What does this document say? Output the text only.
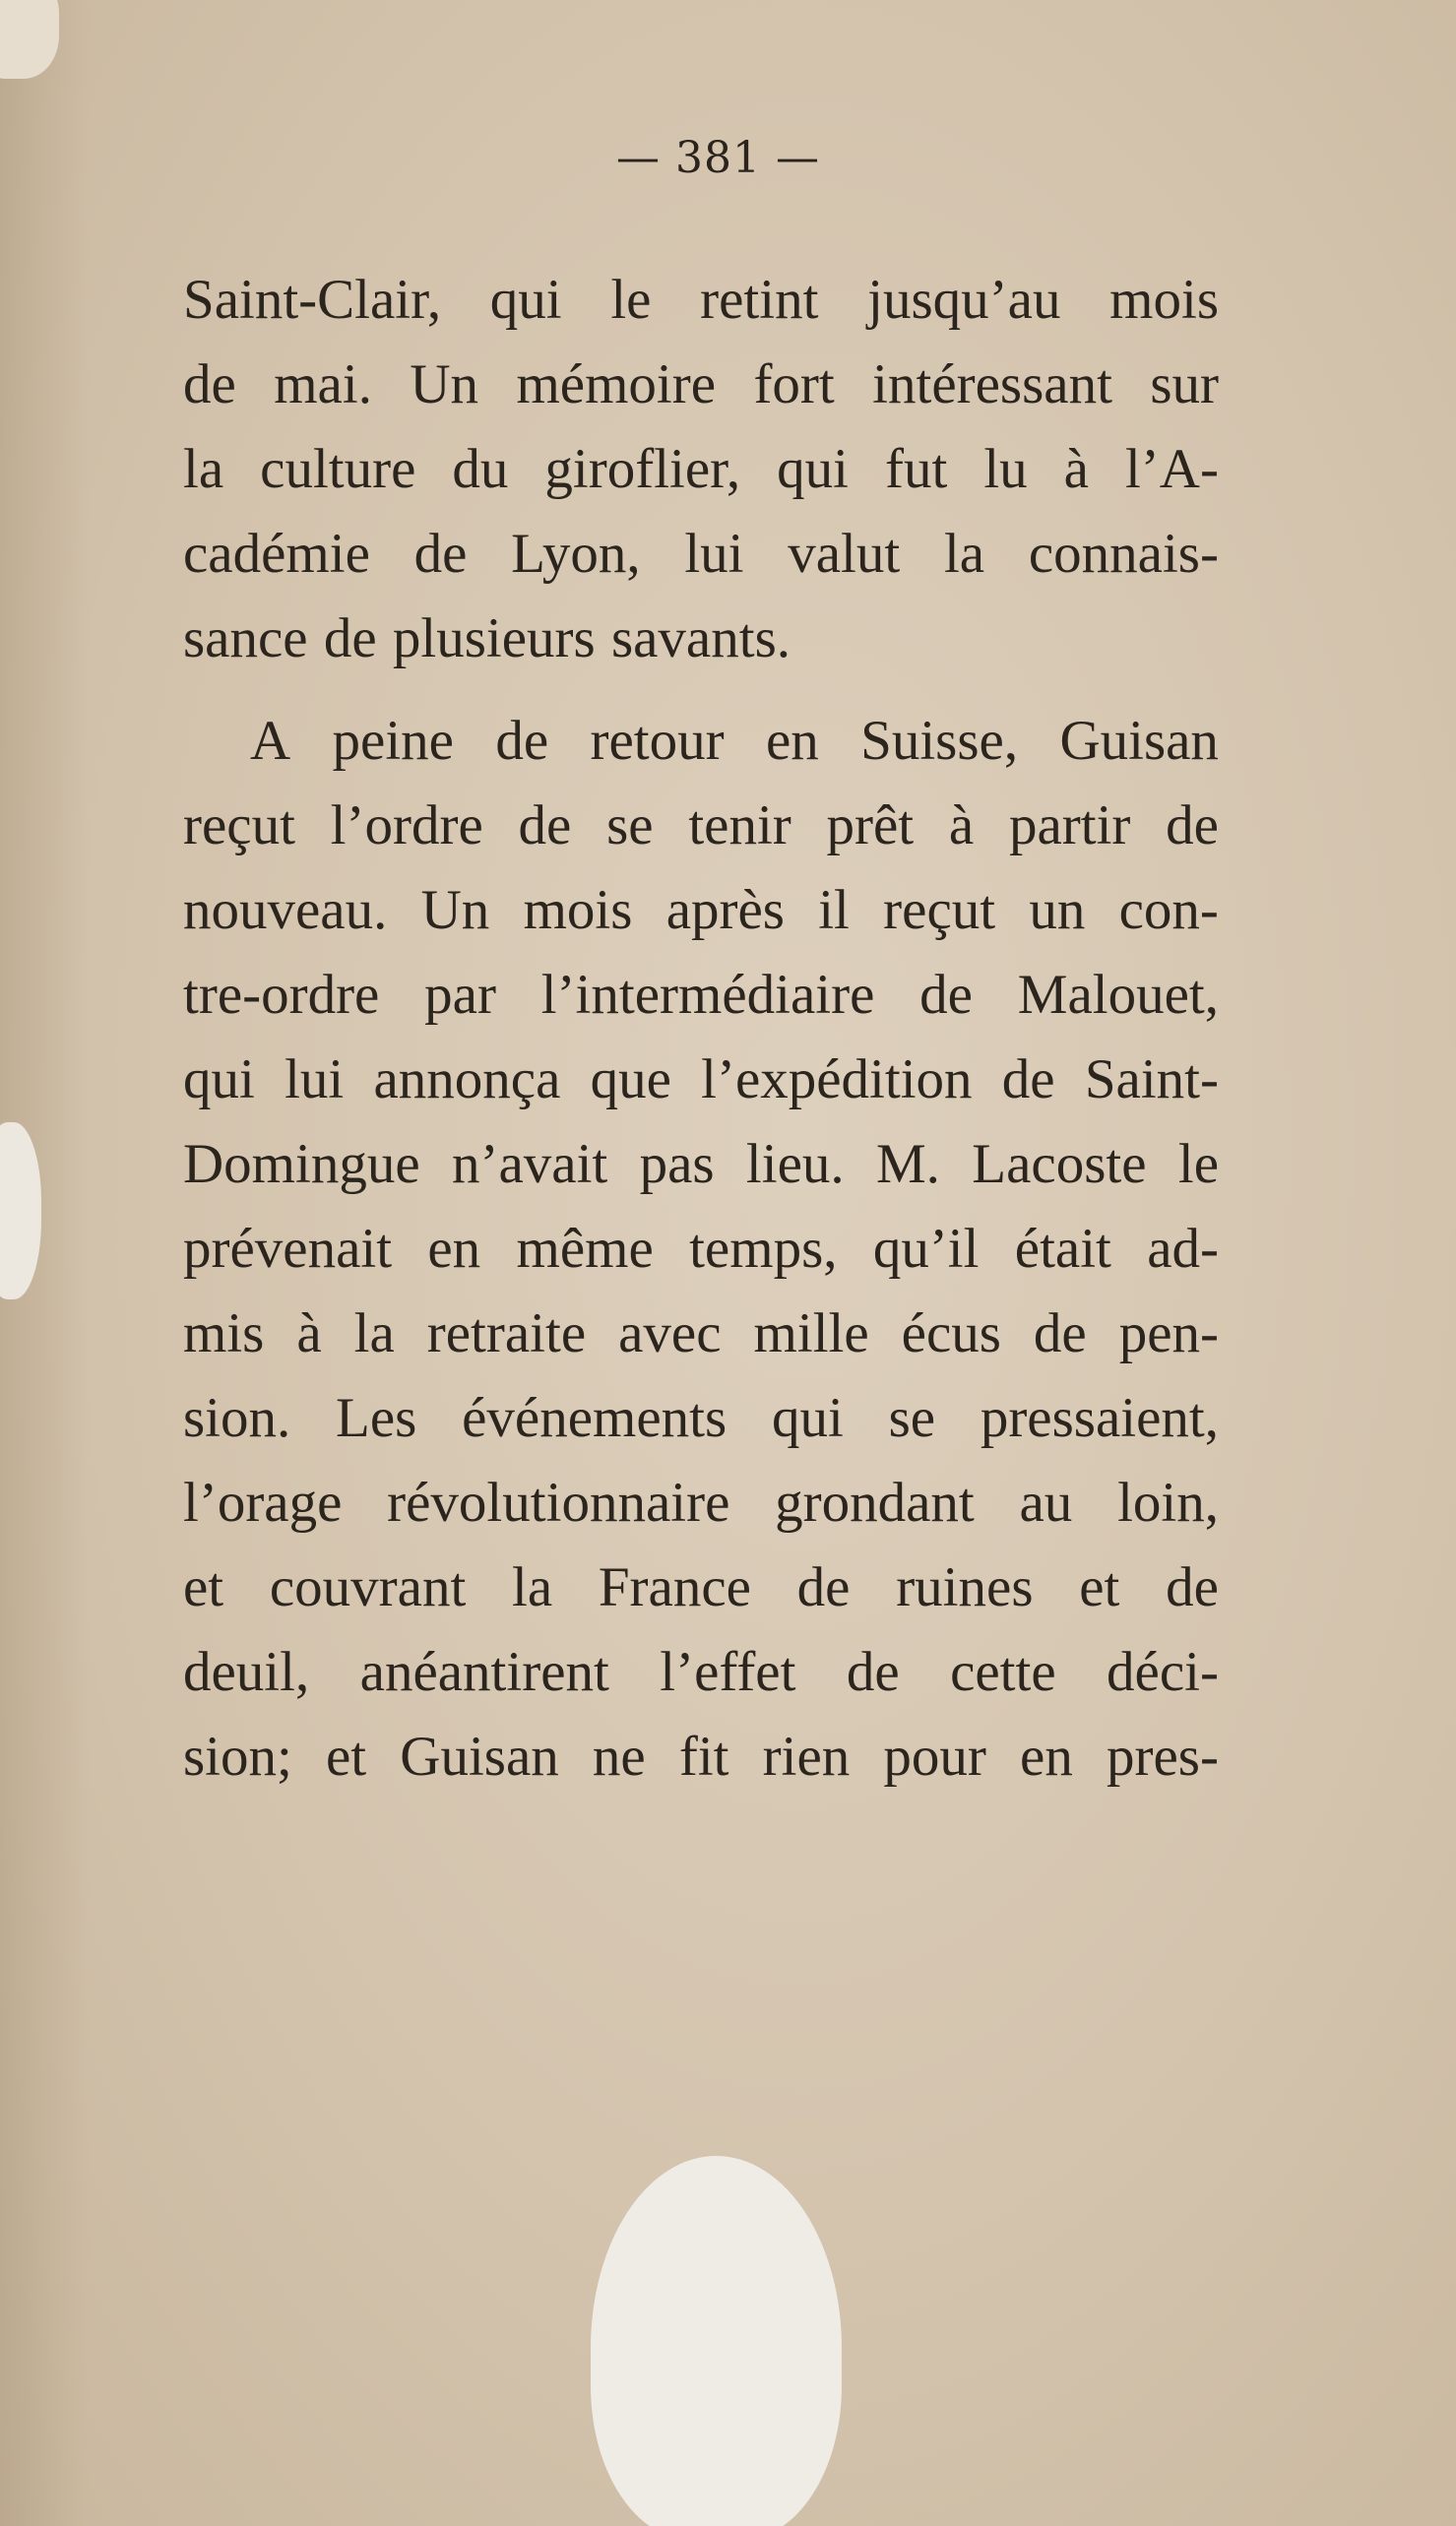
— 381 —
Saint-Clair, qui le retint jusqu’au mois
de mai. Un mémoire fort intéressant sur
la culture du giroflier, qui fut lu à l’A-
cadémie de Lyon, lui valut la connais-
sance de plusieurs savants.
A peine de retour en Suisse, Guisan
reçut l’ordre de se tenir prêt à partir de
nouveau. Un mois après il reçut un con-
tre-ordre par l’intermédiaire de Malouet,
qui lui annonça que l’expédition de Saint-
Domingue n’avait pas lieu. M. Lacoste le
prévenait en même temps, qu’il était ad-
mis à la retraite avec mille écus de pen-
sion. Les événements qui se pressaient,
l’orage révolutionnaire grondant au loin,
et couvrant la France de ruines et de
deuil, anéantirent l’effet de cette déci-
sion; et Guisan ne fit rien pour en pres-
